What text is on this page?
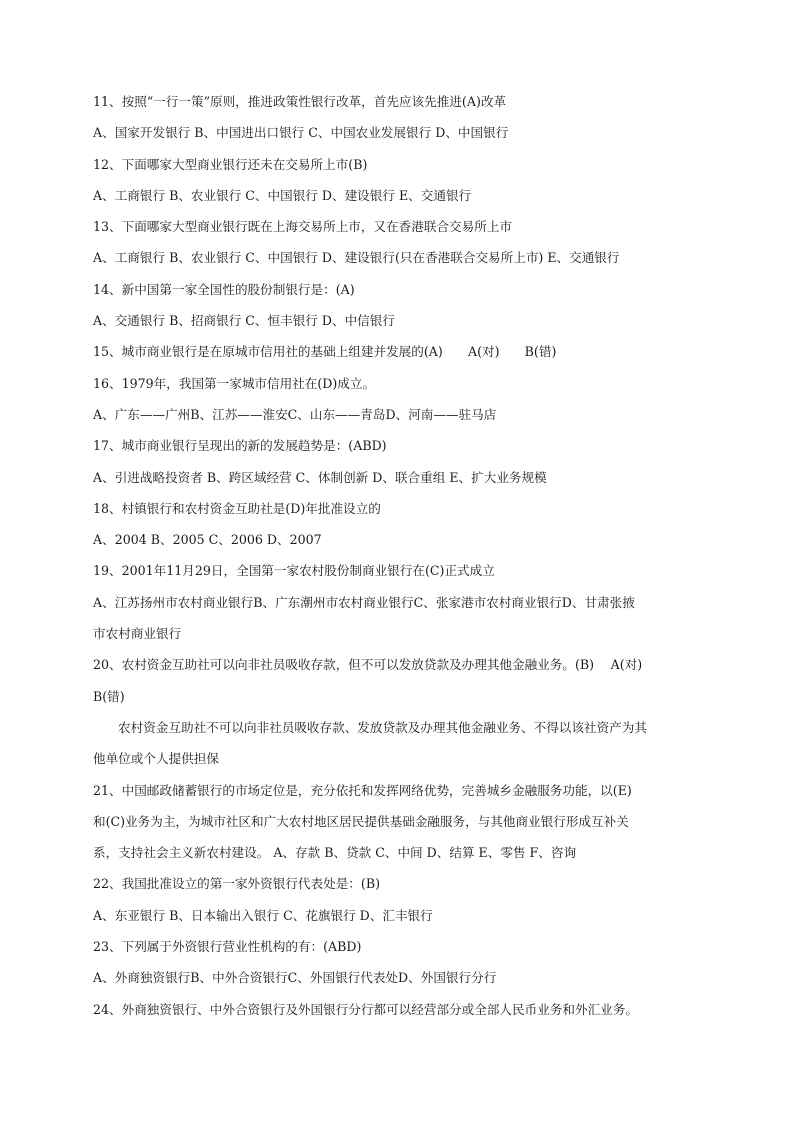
11、按照“一行一策”原则，推进政策性银行改革，首先应该先推进(A)改革
A、国家开发银行 B、中国进出口银行 C、中国农业发展银行 D、中国银行
12、下面哪家大型商业银行还未在交易所上市(B)
A、工商银行 B、农业银行 C、中国银行 D、建设银行 E、交通银行
13、下面哪家大型商业银行既在上海交易所上市，又在香港联合交易所上市
A、工商银行 B、农业银行 C、中国银行 D、建设银行(只在香港联合交易所上市) E、交通银行
14、新中国第一家全国性的股份制银行是：(A)
A、交通银行 B、招商银行 C、恒丰银行 D、中信银行
15、城市商业银行是在原城市信用社的基础上组建并发展的(A)　　A(对)　　B(错)
16、1979年，我国第一家城市信用社在(D)成立。
A、广东——广州B、江苏——淮安C、山东——青岛D、河南——驻马店
17、城市商业银行呈现出的新的发展趋势是：(ABD)
A、引进战略投资者 B、跨区域经营 C、体制创新 D、联合重组 E、扩大业务规模
18、村镇银行和农村资金互助社是(D)年批准设立的
A、2004 B、2005 C、2006 D、2007
19、2001年11月29日，全国第一家农村股份制商业银行在(C)正式成立
A、江苏扬州市农村商业银行B、广东潮州市农村商业银行C、张家港市农村商业银行D、甘肃张掖
市农村商业银行
20、农村资金互助社可以向非社员吸收存款，但不可以发放贷款及办理其他金融业务。(B)　 A(对)
B(错)
农村资金互助社不可以向非社员吸收存款、发放贷款及办理其他金融业务、不得以该社资产为其
他单位或个人提供担保
21、中国邮政储蓄银行的市场定位是，充分依托和发挥网络优势，完善城乡金融服务功能，以(E)
和(C)业务为主，为城市社区和广大农村地区居民提供基础金融服务，与其他商业银行形成互补关
系，支持社会主义新农村建设。 A、存款 B、贷款 C、中间 D、结算 E、零售 F、咨询
22、我国批准设立的第一家外资银行代表处是：(B)
A、东亚银行 B、日本输出入银行 C、花旗银行 D、汇丰银行
23、下列属于外资银行营业性机构的有：(ABD)
A、外商独资银行B、中外合资银行C、外国银行代表处D、外国银行分行
24、外商独资银行、中外合资银行及外国银行分行都可以经营部分或全部人民币业务和外汇业务。
